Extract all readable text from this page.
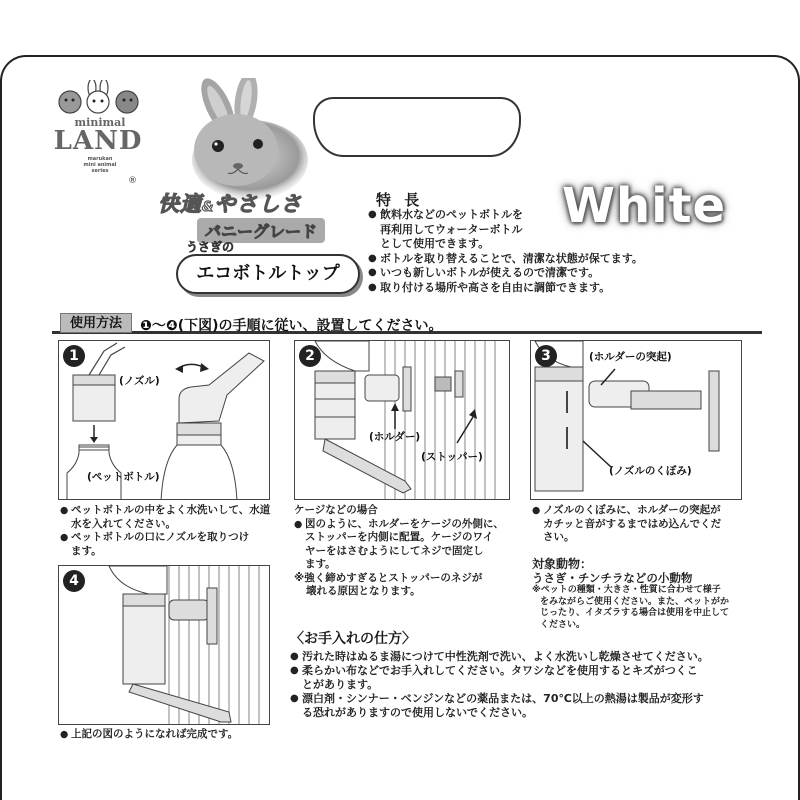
minimal
LAND
marukan
mini animal
series
®
快適&やさしさ
バニーグレード
うさぎの
エコボトルトップ
特 長
● 飲料水などのペットボトルを
再利用してウォーターボトル
として使用できます。
● ボトルを取り替えることで、清潔な状態が保てます。
● いつも新しいボトルが使えるので清潔です。
● 取り付ける場所や高さを自由に調節できます。
White
使用方法	❶～❹(下図)の手順に従い、設置してください。
1
(ノズル)
(ペットボトル)
2
(ホルダー)
(ストッパー)
3	(ホルダーの突起)
(ノズルのくぼみ)
4
● ペットボトルの中をよく水洗いして、水道
水を入れてください。
● ペットボトルの口にノズルを取りつけ
ます。
ケージなどの場合
● 図のように、ホルダーをケージの外側に、
ストッパーを内側に配置。ケージのワイ
ヤーをはさむようにしてネジで固定し
ます。
※強く締めすぎるとストッパーのネジが
壊れる原因となります。
● ノズルのくぼみに、ホルダーの突起が
カチッと音がするまではめ込んでくだ
さい。
対象動物：
うさぎ・チンチラなどの小動物
※ペットの種類・大きさ・性質に合わせて様子
をみながらご使用ください。また、ペットがか
じったり、イタズラする場合は使用を中止して
ください。
〈お手入れの仕方〉
● 汚れた時はぬるま湯につけて中性洗剤で洗い、よく水洗いし乾燥させてください。
● 柔らかい布などでお手入れしてください。タワシなどを使用するとキズがつくこ
とがあります。
● 漂白剤・シンナー・ベンジンなどの薬品または、70℃以上の熱湯は製品が変形す
る恐れがありますので使用しないでください。
● 上記の図のようになれば完成です。
